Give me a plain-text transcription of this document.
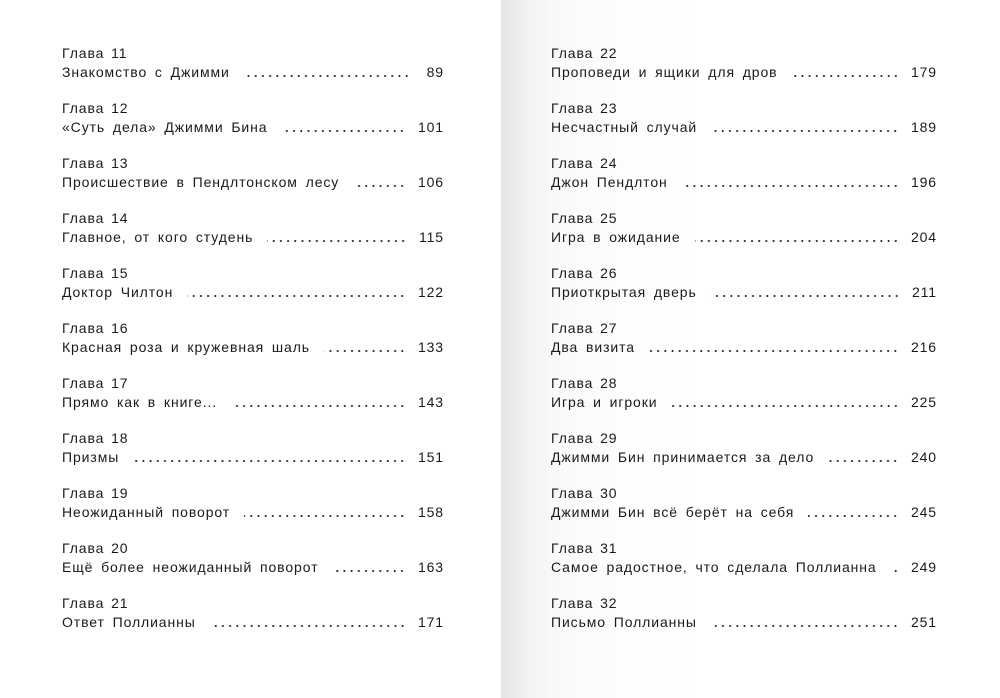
Глава 11
Знакомство с Джимми	89
Глава 12
«Суть дела» Джимми Бина	101
Глава 13
Происшествие в Пендлтонском лесу	106
Глава 14
Главное, от кого студень	115
Глава 15
Доктор Чилтон	122
Глава 16
Красная роза и кружевная шаль	133
Глава 17
Прямо как в книге...	143
Глава 18
Призмы	151
Глава 19
Неожиданный поворот	158
Глава 20
Ещё более неожиданный поворот	163
Глава 21
Ответ Поллианны	171
Глава 22
Проповеди и ящики для дров	179
Глава 23
Несчастный случай	189
Глава 24
Джон Пендлтон	196
Глава 25
Игра в ожидание	204
Глава 26
Приоткрытая дверь	211
Глава 27
Два визита	216
Глава 28
Игра и игроки	225
Глава 29
Джимми Бин принимается за дело	240
Глава 30
Джимми Бин всё берёт на себя	245
Глава 31
Самое радостное, что сделала Поллианна 249
Глава 32
Письмо Поллианны	251
